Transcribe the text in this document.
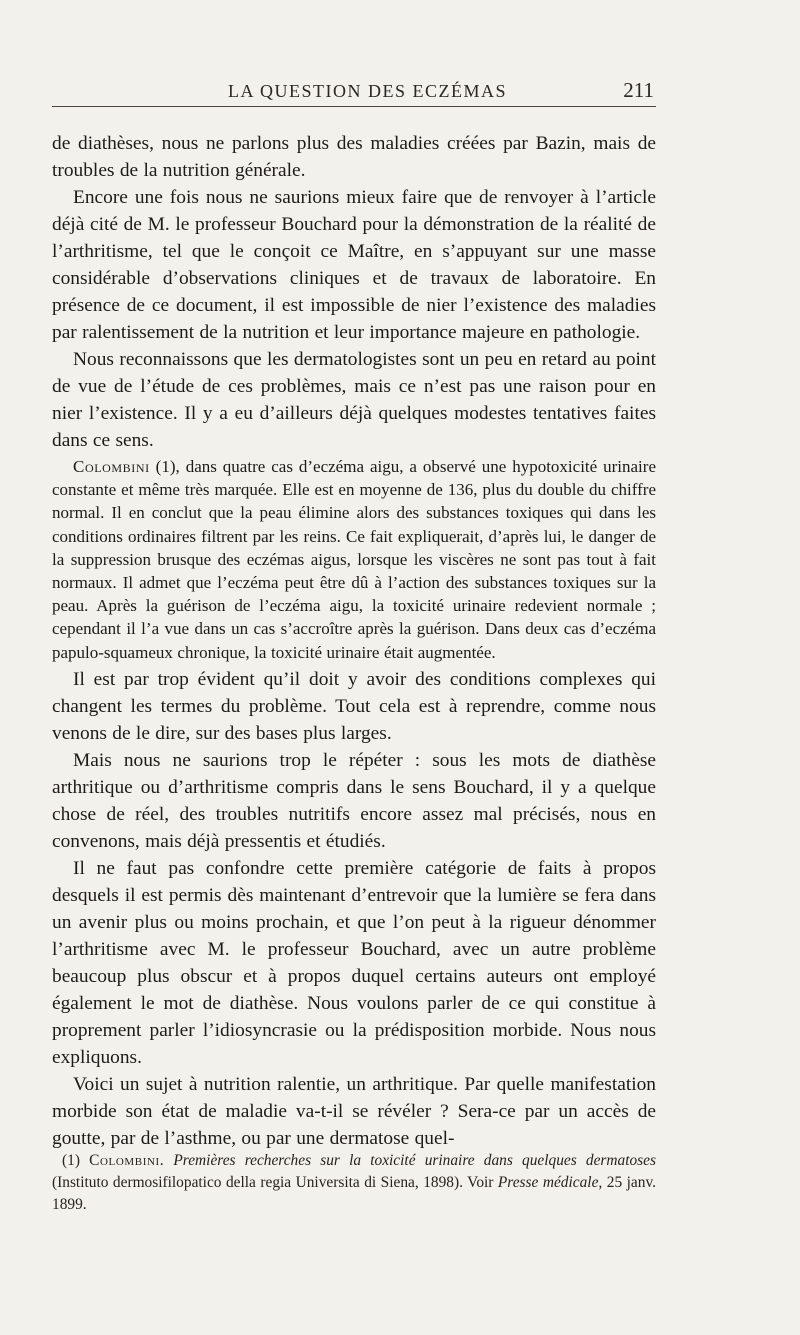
LA QUESTION DES ECZÉMAS	211

de diathèses, nous ne parlons plus des maladies créées par Bazin, mais de troubles de la nutrition générale.

Encore une fois nous ne saurions mieux faire que de renvoyer à l’article déjà cité de M. le professeur Bouchard pour la démonstration de la réalité de l’arthritisme, tel que le conçoit ce Maître, en s’appuyant sur une masse considérable d’observations cliniques et de travaux de laboratoire. En présence de ce document, il est impossible de nier l’existence des maladies par ralentissement de la nutrition et leur importance majeure en pathologie.

Nous reconnaissons que les dermatologistes sont un peu en retard au point de vue de l’étude de ces problèmes, mais ce n’est pas une raison pour en nier l’existence. Il y a eu d’ailleurs déjà quelques modestes tentatives faites dans ce sens.

Colombini (1), dans quatre cas d’eczéma aigu, a observé une hypotoxicité urinaire constante et même très marquée. Elle est en moyenne de 136, plus du double du chiffre normal. Il en conclut que la peau élimine alors des substances toxiques qui dans les conditions ordinaires filtrent par les reins. Ce fait expliquerait, d’après lui, le danger de la suppression brusque des eczémas aigus, lorsque les viscères ne sont pas tout à fait normaux. Il admet que l’eczéma peut être dû à l’action des substances toxiques sur la peau. Après la guérison de l’eczéma aigu, la toxicité urinaire redevient normale ; cependant il l’a vue dans un cas s’accroître après la guérison. Dans deux cas d’eczéma papulo-squameux chronique, la toxicité urinaire était augmentée.

Il est par trop évident qu’il doit y avoir des conditions complexes qui changent les termes du problème. Tout cela est à reprendre, comme nous venons de le dire, sur des bases plus larges.

Mais nous ne saurions trop le répéter : sous les mots de diathèse arthritique ou d’arthritisme compris dans le sens Bouchard, il y a quelque chose de réel, des troubles nutritifs encore assez mal précisés, nous en convenons, mais déjà pressentis et étudiés.

Il ne faut pas confondre cette première catégorie de faits à propos desquels il est permis dès maintenant d’entrevoir que la lumière se fera dans un avenir plus ou moins prochain, et que l’on peut à la rigueur dénommer l’arthritisme avec M. le professeur Bouchard, avec un autre problème beaucoup plus obscur et à propos duquel certains auteurs ont employé également le mot de diathèse. Nous voulons parler de ce qui constitue à proprement parler l’idiosyncrasie ou la prédisposition morbide. Nous nous expliquons.

Voici un sujet à nutrition ralentie, un arthritique. Par quelle manifestation morbide son état de maladie va-t-il se révéler ? Sera-ce par un accès de goutte, par de l’asthme, ou par une dermatose quel-

(1) Colombini. Premières recherches sur la toxicité urinaire dans quelques dermatoses (Instituto dermosifilopatico della regia Universita di Siena, 1898). Voir Presse médicale, 25 janv. 1899.
